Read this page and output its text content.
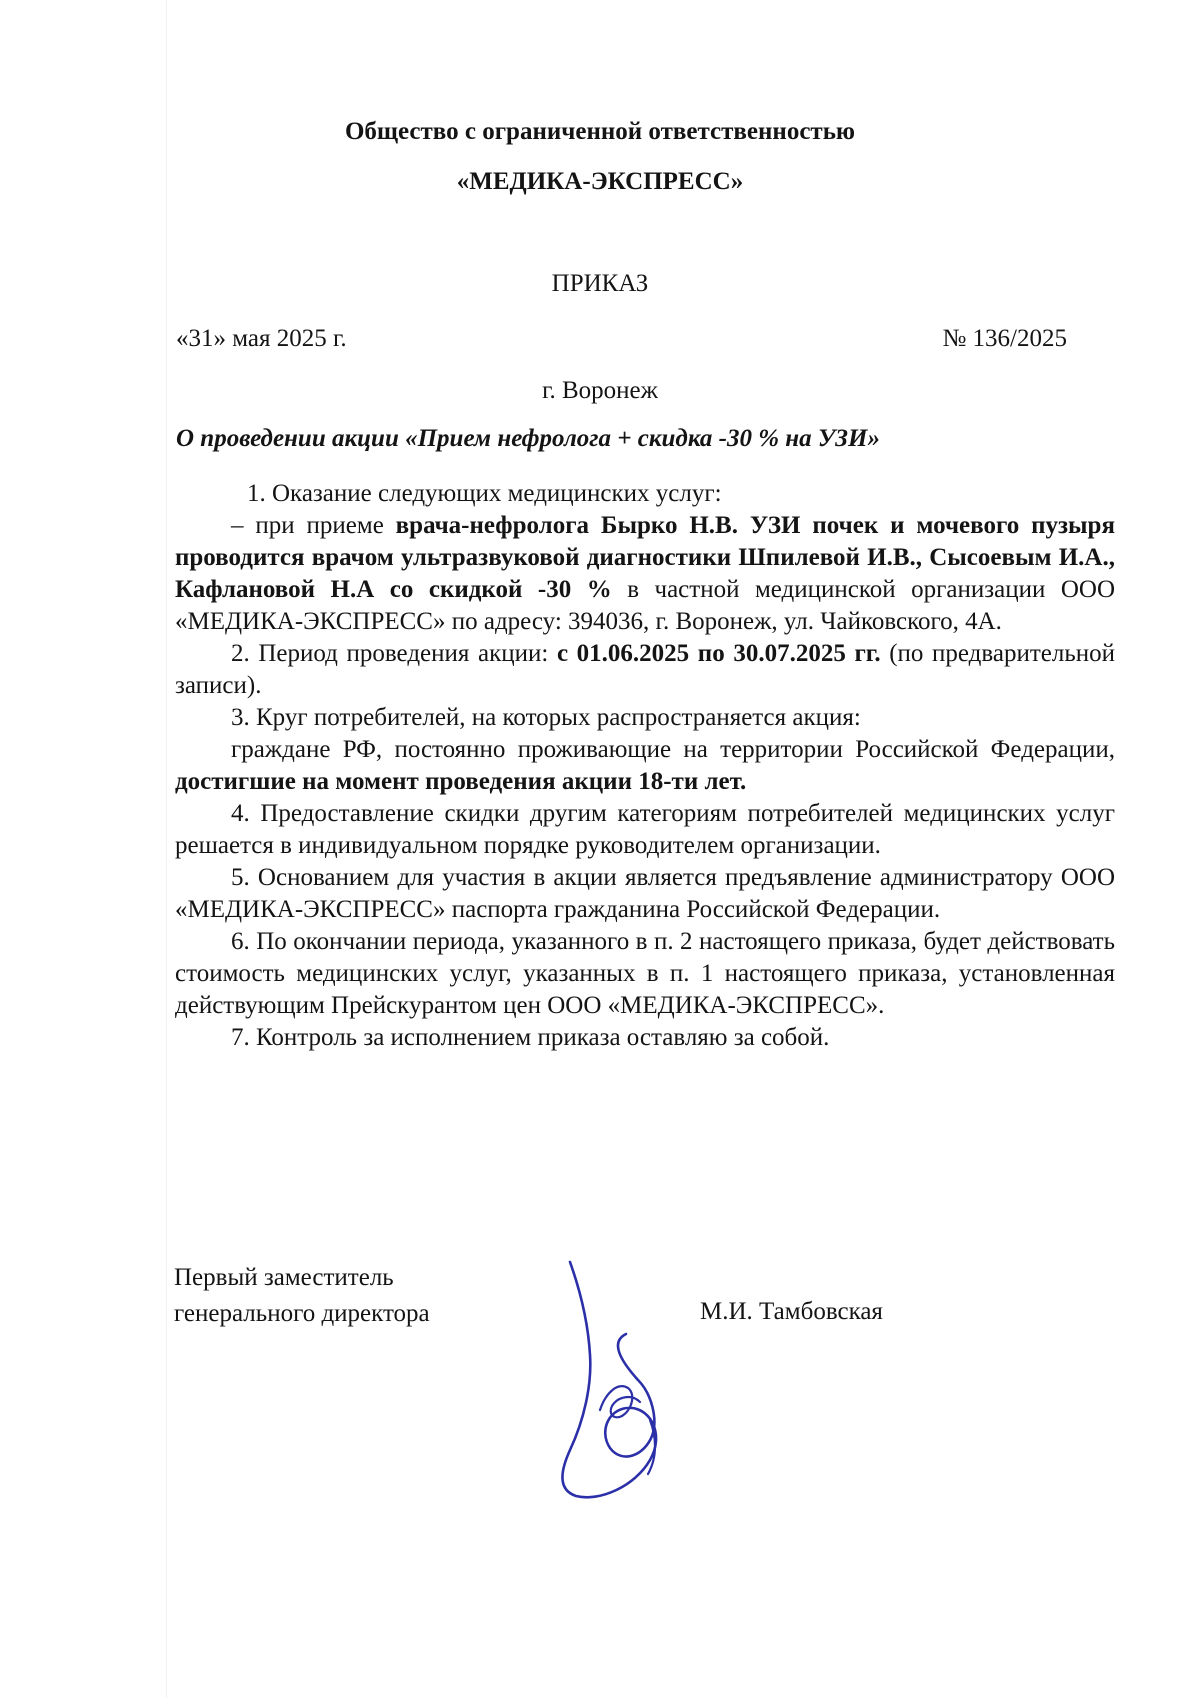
Общество с ограниченной ответственностью
«МЕДИКА-ЭКСПРЕСС»
ПРИКАЗ
«31» мая 2025 г.	№ 136/2025
г. Воронеж
О проведении акции «Прием нефролога + скидка -30 % на УЗИ»

1. Оказание следующих медицинских услуг:

– при приеме врача-нефролога Бырко Н.В. УЗИ почек и мочевого пузыря проводится врачом ультразвуковой диагностики Шпилевой И.В., Сысоевым И.А., Кафлановой Н.А со скидкой -30 % в частной медицинской организации ООО «МЕДИКА-ЭКСПРЕСС» по адресу: 394036, г. Воронеж, ул. Чайковского, 4А.

2. Период проведения акции: с 01.06.2025 по 30.07.2025 гг. (по предварительной записи).

3. Круг потребителей, на которых распространяется акция:

граждане РФ, постоянно проживающие на территории Российской Федерации, достигшие на момент проведения акции 18-ти лет.

4. Предоставление скидки другим категориям потребителей медицинских услуг решается в индивидуальном порядке руководителем организации.

5. Основанием для участия в акции является предъявление администратору ООО «МЕДИКА-ЭКСПРЕСС» паспорта гражданина Российской Федерации.

6. По окончании периода, указанного в п. 2 настоящего приказа, будет действовать стоимость медицинских услуг, указанных в п. 1 настоящего приказа, установленная действующим Прейскурантом цен ООО «МЕДИКА-ЭКСПРЕСС».

7. Контроль за исполнением приказа оставляю за собой.

Первый заместитель
генерального директора	М.И. Тамбовская
